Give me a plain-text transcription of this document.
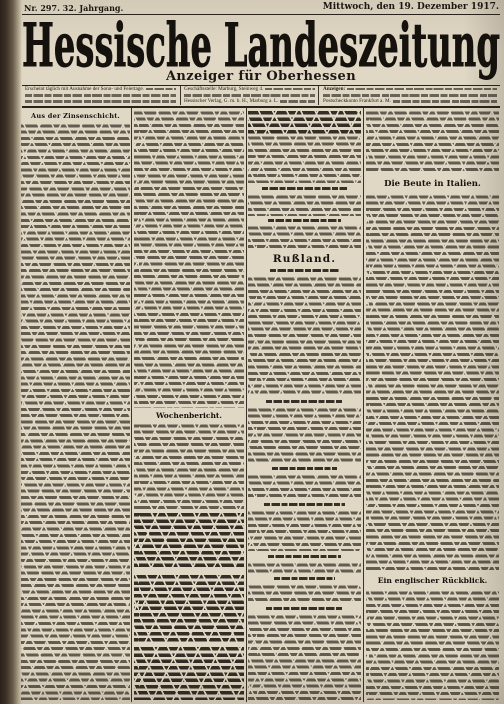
Nr. 297. 32. Jahrgang.	Mittwoch, den 19. Dezember 1917.
Hessische Landeszeitung
Anzeiger für Oberhessen
Erscheint täglich mit Ausnahme der Sonn- und Feiertage.	Geschäftsstelle: Marburg, Steinweg 4.
Hessischer Verlag, G. m. b. H., Marburg a. L.
Anzeigen:
Postscheckkonto Frankfurt a. M.
Aus der Zinsenschicht.
Wochenbericht.
Rußland.
Die Beute in Italien.
Ein englischer Rückblick.
